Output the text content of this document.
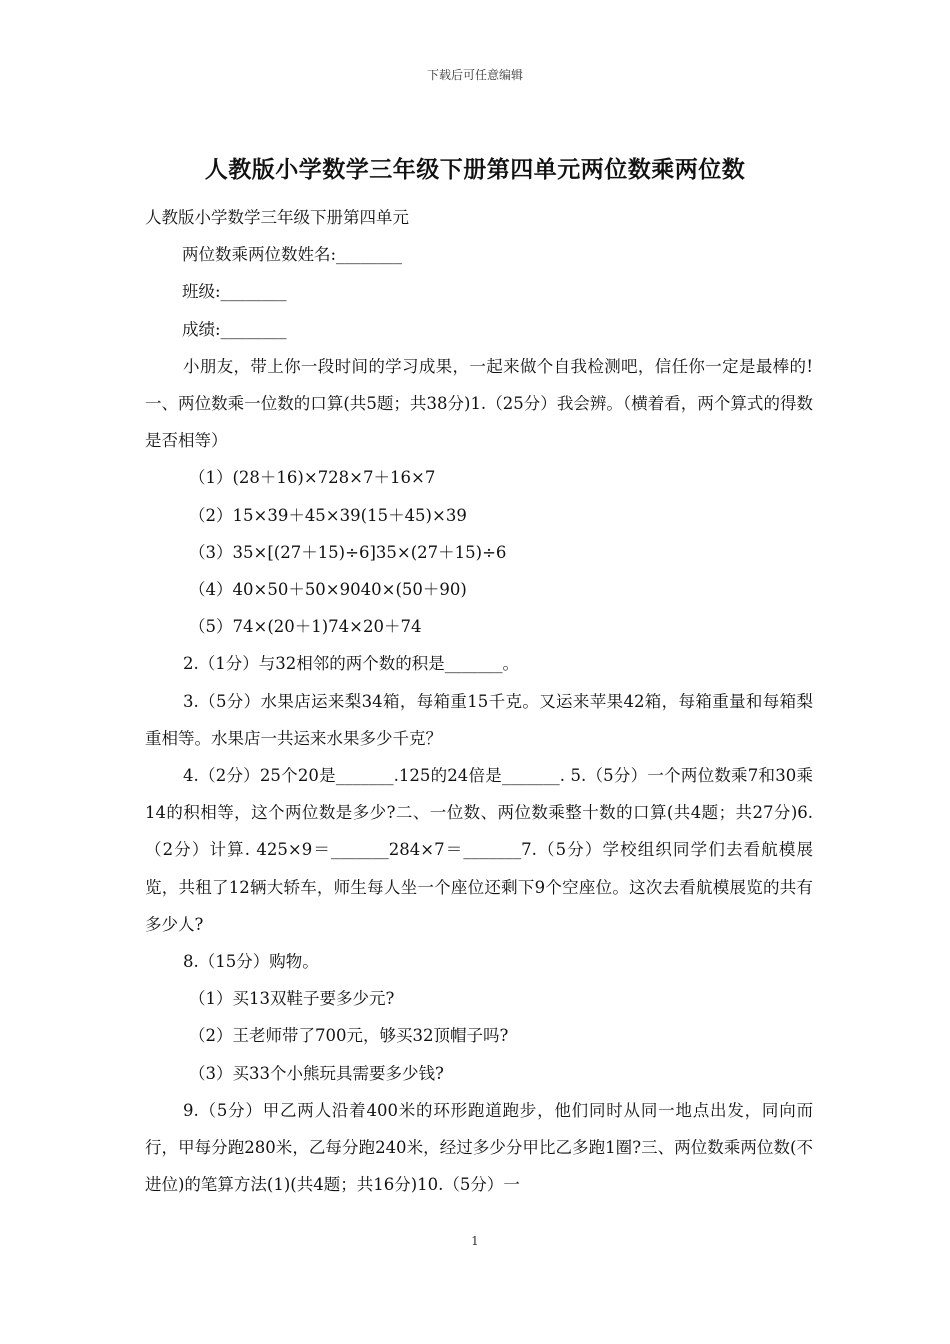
下载后可任意编辑
人教版小学数学三年级下册第四单元两位数乘两位数

人教版小学数学三年级下册第四单元

两位数乘两位数姓名:________

班级:________

成绩:________

小朋友，带上你一段时间的学习成果，一起来做个自我检测吧，信任你一定是最棒的!一、两位数乘一位数的口算(共5题；共38分)1.（25分）我会辨。（横着看，两个算式的得数是否相等）

（1）(28＋16)×728×7＋16×7

（2）15×39＋45×39(15＋45)×39

（3）35×[(27＋15)÷6]35×(27＋15)÷6

（4）40×50＋50×9040×(50＋90)

（5）74×(20＋1)74×20＋74

2.（1分）与32相邻的两个数的积是_______。

3.（5分）水果店运来梨34箱，每箱重15千克。又运来苹果42箱，每箱重量和每箱梨重相等。水果店一共运来水果多少千克？

4.（2分）25个20是_______.125的24倍是_______. 5.（5分）一个两位数乘7和30乘14的积相等，这个两位数是多少?二、一位数、两位数乘整十数的口算(共4题；共27分)6.（2分）计算. 425×9＝_______284×7＝_______7.（5分）学校组织同学们去看航模展览，共租了12辆大轿车，师生每人坐一个座位还剩下9个空座位。这次去看航模展览的共有多少人?

8.（15分）购物。

（1）买13双鞋子要多少元?

（2）王老师带了700元，够买32顶帽子吗?

（3）买33个小熊玩具需要多少钱?

9.（5分）甲乙两人沿着400米的环形跑道跑步，他们同时从同一地点出发，同向而行，甲每分跑280米，乙每分跑240米，经过多少分甲比乙多跑1圈?三、两位数乘两位数(不进位)的笔算方法(1)(共4题；共16分)10.（5分）一

1
